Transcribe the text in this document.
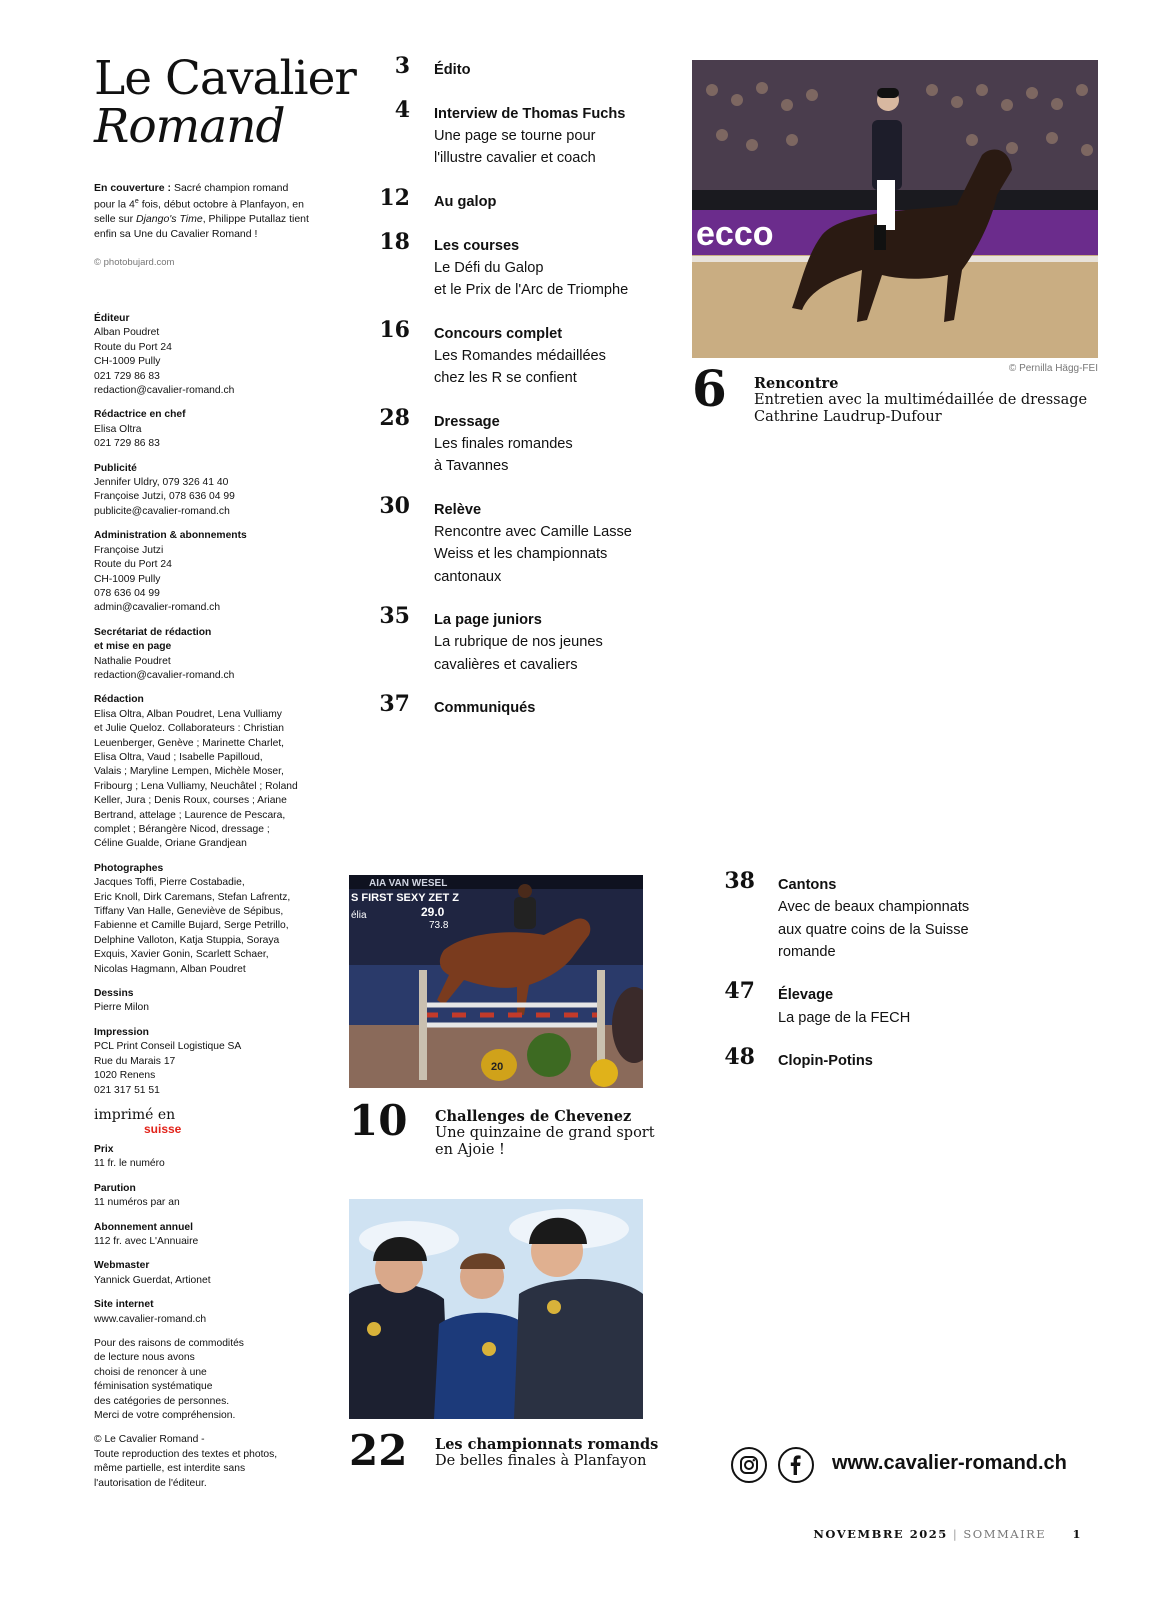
Le Cavalier
Romand
En couverture : Sacré champion romand pour la 4e fois, début octobre à Planfayon, en selle sur Django's Time, Philippe Putallaz tient enfin sa Une du Cavalier Romand !
© photobujard.com
Éditeur
Alban Poudret
Route du Port 24
CH-1009 Pully
021 729 86 83
redaction@cavalier-romand.ch
Rédactrice en chef
Elisa Oltra
021 729 86 83
Publicité
Jennifer Uldry, 079 326 41 40
Françoise Jutzi, 078 636 04 99
publicite@cavalier-romand.ch
Administration & abonnements
Françoise Jutzi
Route du Port 24
CH-1009 Pully
078 636 04 99
admin@cavalier-romand.ch
Secrétariat de rédaction
et mise en page
Nathalie Poudret
redaction@cavalier-romand.ch
Rédaction
Elisa Oltra, Alban Poudret, Lena Vulliamy
et Julie Queloz. Collaborateurs : Christian
Leuenberger, Genève ; Marinette Charlet,
Elisa Oltra, Vaud ; Isabelle Papilloud,
Valais ; Maryline Lempen, Michèle Moser,
Fribourg ; Lena Vulliamy, Neuchâtel ; Roland
Keller, Jura ; Denis Roux, courses ; Ariane
Bertrand, attelage ; Laurence de Pescara,
complet ; Bérangère Nicod, dressage ;
Céline Gualde, Oriane Grandjean
Photographes
Jacques Toffi, Pierre Costabadie,
Eric Knoll, Dirk Caremans, Stefan Lafrentz,
Tiffany Van Halle, Geneviève de Sépibus,
Fabienne et Camille Bujard, Serge Petrillo,
Delphine Valloton, Katja Stuppia, Soraya
Exquis, Xavier Gonin, Scarlett Schaer,
Nicolas Hagmann, Alban Poudret
Dessins
Pierre Milon
Impression
PCL Print Conseil Logistique SA
Rue du Marais 17
1020 Renens
021 317 51 51
imprimé en
suisse
Prix
11 fr. le numéro
Parution
11 numéros par an
Abonnement annuel
112 fr. avec L'Annuaire
Webmaster
Yannick Guerdat, Artionet
Site internet
www.cavalier-romand.ch
Pour des raisons de commodités
de lecture nous avons
choisi de renoncer à une
féminisation systématique
des catégories de personnes.
Merci de votre compréhension.
© Le Cavalier Romand -
Toute reproduction des textes et photos,
même partielle, est interdite sans
l'autorisation de l'éditeur.
3 Édito
4 Interview de Thomas Fuchs
Une page se tourne pour
l'illustre cavalier et coach
12 Au galop
18 Les courses
Le Défi du Galop
et le Prix de l'Arc de Triomphe
16 Concours complet
Les Romandes médaillées
chez les R se confient
28 Dressage
Les finales romandes
à Tavannes
30 Relève
Rencontre avec Camille Lasse
Weiss et les championnats
cantonaux
35 La page juniors
La rubrique de nos jeunes
cavalières et cavaliers
37 Communiqués
38 Cantons
Avec de beaux championnats
aux quatre coins de la Suisse
romande
47 Élevage
La page de la FECH
48 Clopin-Potins
ecco
© Pernilla Hägg-FEI
6 Rencontre
Entretien avec la multimédaillée de dressage
Cathrine Laudrup-Dufour
AIA VAN WESEL
S FIRST SEXY ZET Z
29.0
élia
73.8
20
10 Challenges de Chevenez
Une quinzaine de grand sport
en Ajoie !
22 Les championnats romands
De belles finales à Planfayon	www.cavalier-romand.ch
NOVEMBRE 2025 | SOMMAIRE 1
